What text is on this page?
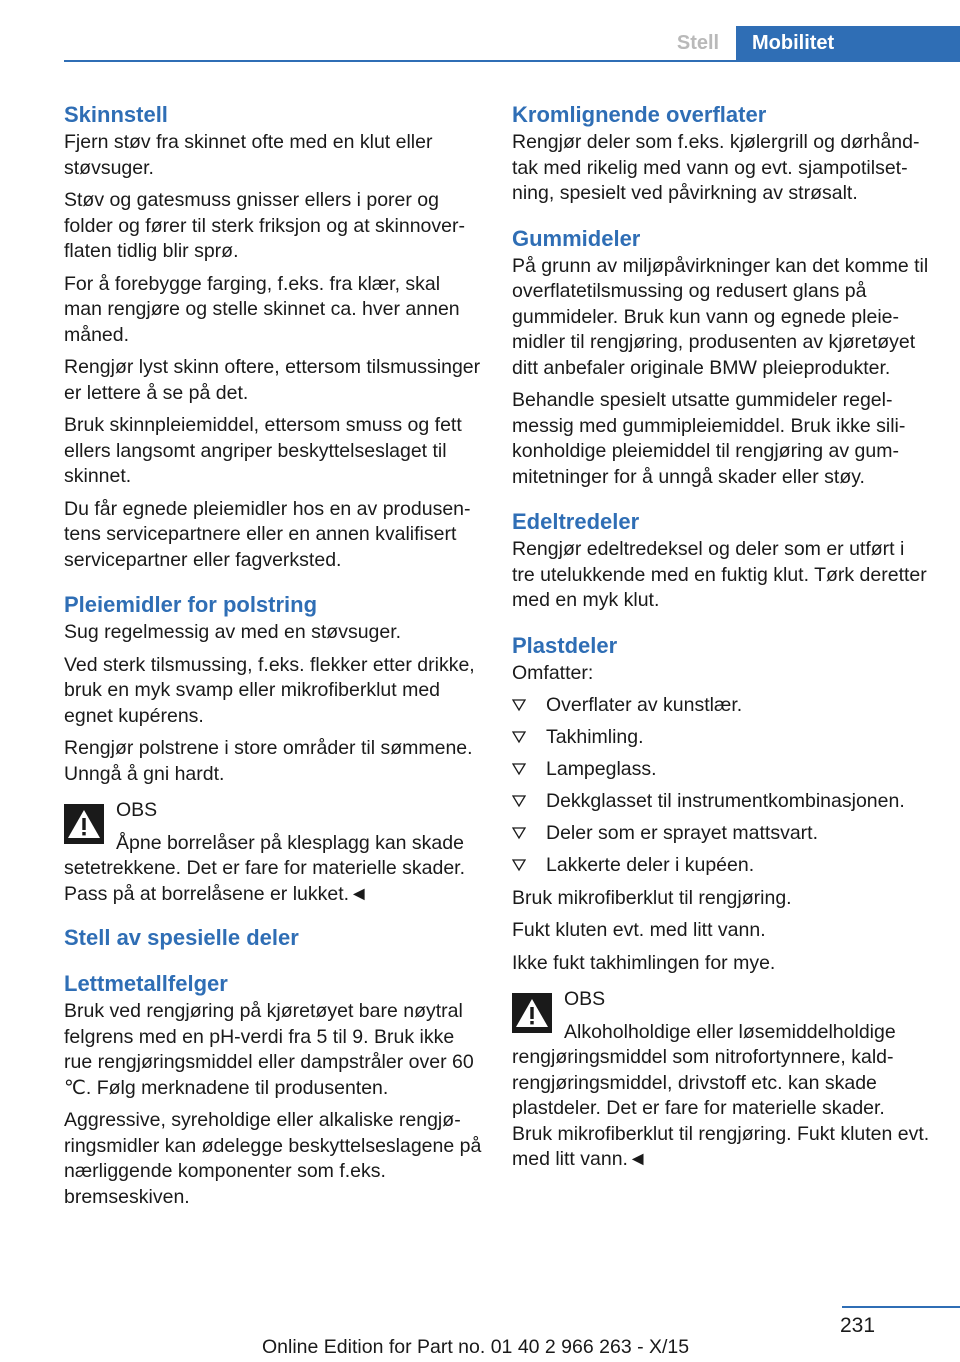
Stell	Mobilitet
Skinnstell

Fjern støv fra skinnet ofte med en klut eller støvsuger.

Støv og gatesmuss gnisser ellers i porer og folder og fører til sterk friksjon og at skinnoverflaten tidlig blir sprø.

For å forebygge farging, f.eks. fra klær, skal man rengjøre og stelle skinnet ca. hver annen måned.

Rengjør lyst skinn oftere, ettersom tilsmussinger er lettere å se på det.

Bruk skinnpleiemiddel, ettersom smuss og fett ellers langsomt angriper beskyttelseslaget til skinnet.

Du får egnede pleiemidler hos en av produsentens servicepartnere eller en annen kvalifisert servicepartner eller fagverksted.

Pleiemidler for polstring

Sug regelmessig av med en støvsuger.

Ved sterk tilsmussing, f.eks. flekker etter drikke, bruk en myk svamp eller mikrofiberklut med egnet kupérens.

Rengjør polstrene i store områder til sømmene. Unngå å gni hardt.

OBS

Åpne borrelåser på klesplagg kan skade
setetrekkene. Det er fare for materielle skader. Pass på at borrelåsene er lukket.◄

Stell av spesielle deler
Lettmetallfelger

Bruk ved rengjøring på kjøretøyet bare nøytral felgrens med en pH-verdi fra 5 til 9. Bruk ikke rue rengjøringsmiddel eller dampstråler over 60 ℃. Følg merknadene til produsenten.

Aggressive, syreholdige eller alkaliske rengjøringsmidler kan ødelegge beskyttelseslagene på nærliggende komponenter som f.eks. bremseskiven.

Kromlignende overflater

Rengjør deler som f.eks. kjølergrill og dørhåndtak med rikelig med vann og evt. sjampotilsetning, spesielt ved påvirkning av strøsalt.

Gummideler

På grunn av miljøpåvirkninger kan det komme til overflatetilsmussing og redusert glans på gummideler. Bruk kun vann og egnede pleiemidler til rengjøring, produsenten av kjøretøyet ditt anbefaler originale BMW pleieprodukter.

Behandle spesielt utsatte gummideler regelmessig med gummipleiemiddel. Bruk ikke silikonholdige pleiemiddel til rengjøring av gummitetninger for å unngå skader eller støy.

Edeltredeler

Rengjør edeltredeksel og deler som er utført i tre utelukkende med en fuktig klut. Tørk deretter med en myk klut.

Plastdeler

Omfatter:

Overflater av kunstlær.
Takhimling.
Lampeglass.
Dekkglasset til instrumentkombinasjonen.
Deler som er sprayet mattsvart.
Lakkerte deler i kupéen.

Bruk mikrofiberklut til rengjøring.

Fukt kluten evt. med litt vann.

Ikke fukt takhimlingen for mye.

OBS

Alkoholholdige eller løsemiddelholdige
rengjøringsmiddel som nitrofortynnere, kaldrengjøringsmiddel, drivstoff etc. kan skade plastdeler. Det er fare for materielle skader. Bruk mikrofiberklut til rengjøring. Fukt kluten evt. med litt vann.◄

231
Online Edition for Part no. 01 40 2 966 263 - X/15
